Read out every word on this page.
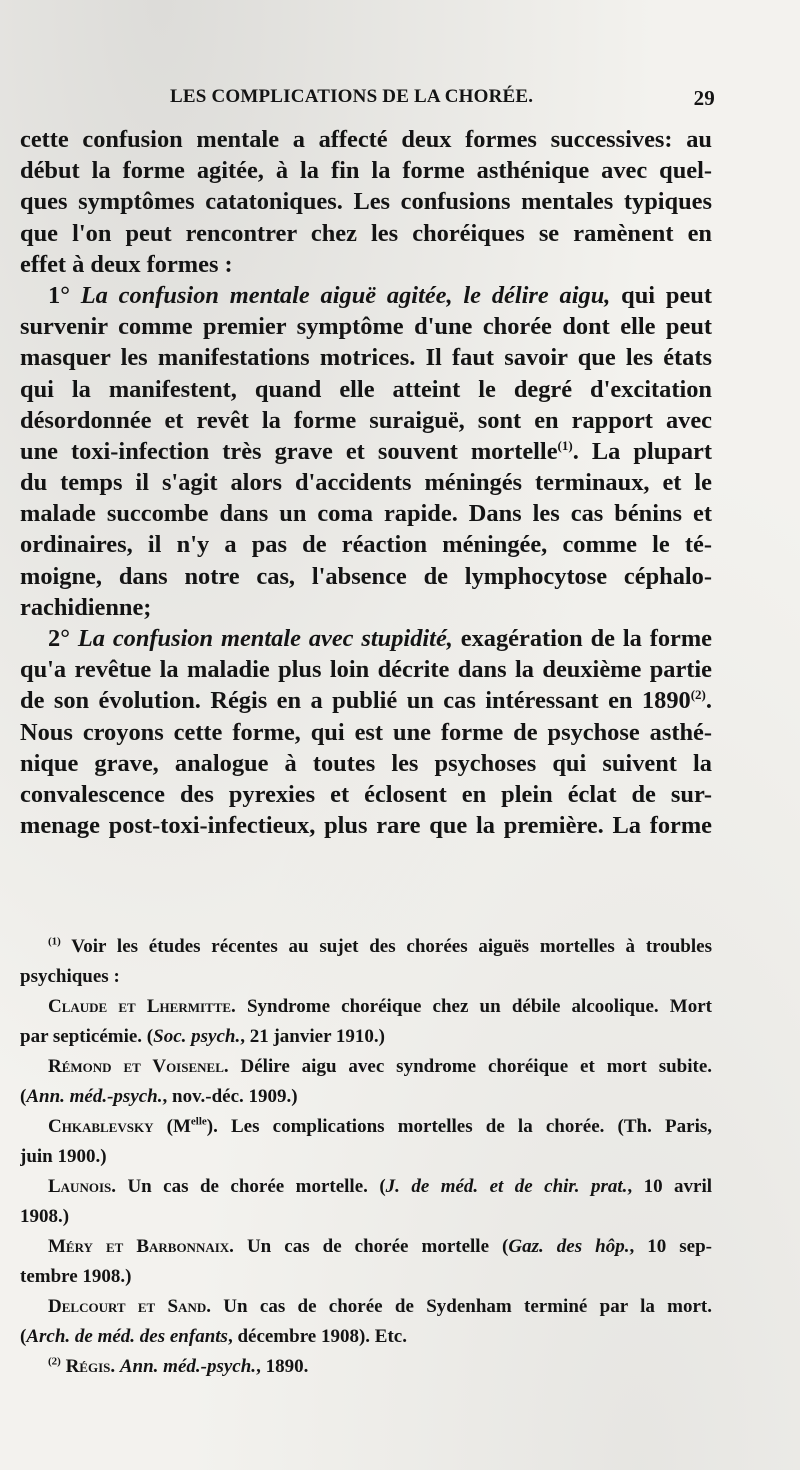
LES COMPLICATIONS DE LA CHORÉE.	29
cette confusion mentale a affecté deux formes successives: au
début la forme agitée, à la fin la forme asthénique avec quel-
ques symptômes catatoniques. Les confusions mentales typiques
que l'on peut rencontrer chez les choréiques se ramènent en
effet à deux formes :
1° La confusion mentale aiguë agitée, le délire aigu, qui peut
survenir comme premier symptôme d'une chorée dont elle peut
masquer les manifestations motrices. Il faut savoir que les états
qui la manifestent, quand elle atteint le degré d'excitation
désordonnée et revêt la forme suraiguë, sont en rapport avec
une toxi-infection très grave et souvent mortelle$^{(1)}$. La plupart
du temps il s'agit alors d'accidents méningés terminaux, et le
malade succombe dans un coma rapide. Dans les cas bénins et
ordinaires, il n'y a pas de réaction méningée, comme le té-
moigne, dans notre cas, l'absence de lymphocytose céphalo-
rachidienne;
2° La confusion mentale avec stupidité, exagération de la forme
qu'a revêtue la maladie plus loin décrite dans la deuxième partie
de son évolution. Régis en a publié un cas intéressant en 1890$^{(2)}$.
Nous croyons cette forme, qui est une forme de psychose asthé-
nique grave, analogue à toutes les psychoses qui suivent la
convalescence des pyrexies et éclosent en plein éclat de sur-
menage post-toxi-infectieux, plus rare que la première. La forme
$^{(1)}$ Voir les études récentes au sujet des chorées aiguës mortelles à troubles
psychiques :
Claude et Lhermitte. Syndrome choréique chez un débile alcoolique. Mort
par septicémie. (Soc. psych., 21 janvier 1910.)
Rémond et Voisenel. Délire aigu avec syndrome choréique et mort subite.
(Ann. méd.-psych., nov.-déc. 1909.)
Chkablevsky $(M^{elle})$. Les complications mortelles de la chorée. (Th. Paris,
juin 1900.)
Launois. Un cas de chorée mortelle. (J. de méd. et de chir. prat., 10 avril
1908.)
Méry et Barbonnaix. Un cas de chorée mortelle (Gaz. des hôp., 10 sep-
tembre 1908.)
Delcourt et Sand. Un cas de chorée de Sydenham terminé par la mort.
(Arch. de méd. des enfants, décembre 1908). Etc.
$^{(2)}$ Régis. Ann. méd.-psych., 1890.
